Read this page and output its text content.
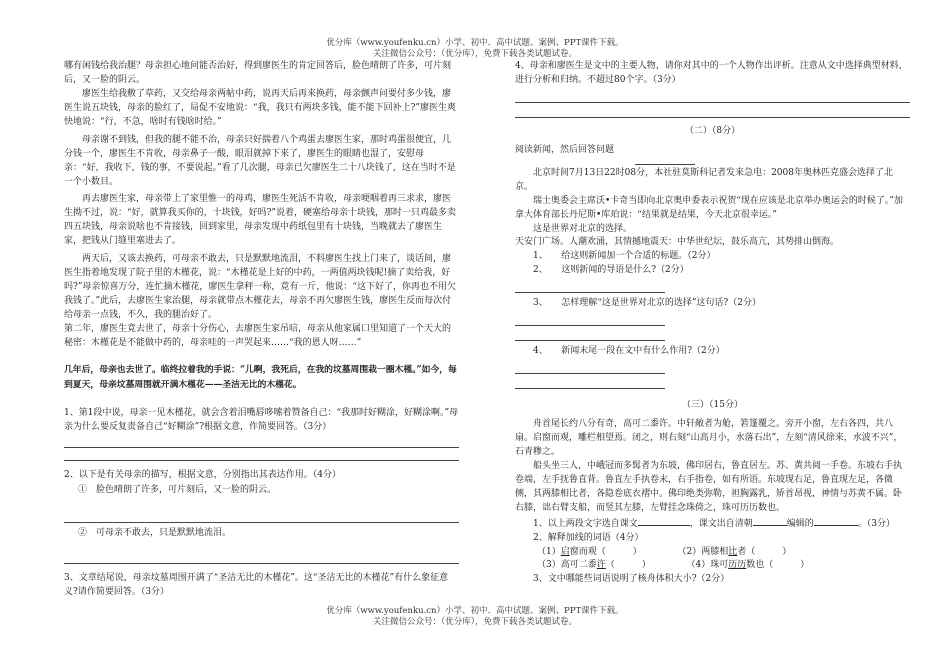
优分库（www.youfenku.cn）小学、初中、高中试题、案例、PPT课件下载。
关注微信公众号：（优分库），免费下载各类试题试卷。

哪有闲钱给我治腿？母亲担心地问能否治好，得到廖医生的肯定回答后，脸色晴朗了许多，可片刻后，又一脸的阴云。

廖医生给我敷了草药，又交给母亲两帖中药，说再天后再来换药，母亲颤声问要付多少钱，廖医生说五块钱，母亲的脸红了，局促不安地说：“我，我只有两块多钱，能不能下回补上?”廖医生爽快地说：“行，不急，啥时有钱啥时给。”

母亲谢不到钱，但我的腿不能不治，母亲只好揣着八个鸡蛋去廖医生家，那时鸡蛋很便宜，几分钱一个，廖医生不肯收，母亲鼻子一酸，眼泪就掉下来了，廖医生的眼睛也湿了，安慰母亲：“好，我收下，钱的事，不要说起。”看了几次腿，母亲已欠廖医生二十八块钱了，这在当时不是一个小数目。

再去廖医生家，母亲带上了家里惟一的母鸡，廖医生死活不肯收，母亲哽咽着再三求求，廖医生拗不过，说：“好，就算我买你的，十块钱，好吗?”说着，硬塞给母亲十块钱，那时一只鸡最多卖四五块钱，母亲说啥也不肯接钱，回到家里，母亲发现中药纸包里有十块钱，当晚就去了廖医生家，把钱从门缝里塞进去了。

两天后，又该去换药，可母亲不敢去，只是默默地流泪，不料廖医生找上门来了，谈话间，廖医生指着地发现了院子里的木槿花，说：“木槿花是上好的中药，一两值两块钱呢!摘了卖给我，好吗?”母亲惊喜万分，连忙摘木槿花，廖医生拿秤一称，竟有一斤，他说：“这下好了，你再也不用欠我钱了。”此后，去廖医生家治腿，母亲就带点木槿花去，母亲不再欠廖医生钱，廖医生反而每次付给母亲一点钱，不久，我的腿治好了。

第二年，廖医生竟去世了，母亲十分伤心，去廖医生家吊唁，母亲从他家属口里知道了一个天大的秘密：木槿花是不能做中药的，母亲哇的一声哭起来……“我的恩人呀……”

几年后，母亲也去世了。临终拉着我的手说：“儿啊，我死后，在我的坟墓周围栽一圈木槿。”如今，每到夏天，母亲坟墓周围就开满木槿花——圣洁无比的木槿花。

1、第1段中说，母亲一见木槿花，就会含着泪嘴唇哆嗦着赞备自己：“我那时好糊涂，好糊涂啊。”母亲为什么要反复责备自己“好糊涂”?根据文意，作简要回答。（3分）

2、以下是有关母亲的描写，根据文意，分别指出其表达作用。（4分）

①　脸色晴朗了许多，可片刻后，又一脸的阴云。

②　可母亲不敢去，只是默默地流泪。

3、文章结尾说，母亲坟墓周围开满了“圣洁无比的木槿花”。这“圣洁无比的木槿花”有什么象征意义?请作简要回答。（3分）

4、母亲和廖医生是文中的主要人物，请你对其中的一个人物作出评析。注意从文中选择典型材料，进行分析和归纳。不超过80个字。（3分）

（二）（8分）

阅读新闻，然后回答问题

北京时间7月13日22时08分，本社驻莫斯科记者发来急电：2008年奥林匹克盛会选择了北京。

瑞士奥委会主席沃•卡奇当即向北京奥申委表示祝贺“现在应该是北京举办奥运会的时候了。”加拿大体育部长丹尼斯•库珀说：“结果就是结果，今天北京很幸运。”

这是世界对北京的选择。

天安门广场。人潮欢涌，其情撼地震天：中华世纪坛，鼓乐高亢，其势排山倒海。

1、　　给这则新闻加一个合适的标题。（2分）

2、　　这则新闻的导语是什么?（2分）

3、　　怎样理解“这是世界对北京的选择”这句话?（2分）

4、　　新闻末尾一段在文中有什么作用?（2分）

（三）（15分）

舟首尾长约八分有奇，高可二黍许。中轩敞者为舱，箬篷覆之。旁开小窗，左右各四，共八扇。启窗而观，雕栏相望焉。闭之，则右刻“山高月小，水落石出”，左刻“清风徐来，水波不兴”，石青糁之。

船头坐三人，中峨冠而多髯者为东坡，佛印居右，鲁直居左。苏、黄共阅一手卷。东坡右手执卷端，左手抚鲁直背。鲁直左手执卷末，右手指卷，如有所语。东坡现右足，鲁直现左足，各微侧，其两膝相比者，各隐卷底衣褶中。佛印绝类弥勒，袒胸露乳，矫首昂视，神情与苏黄不属。卧右膝，诎右臂支船，而竖其左膝，左臂挂念珠倚之，珠可历历数也。

1、以上两段文字选自课文	，课文出自清朝	编辑的	。（3分）

2、解释加线的词语（4分）

（1）启窗而观（　　　）	（2）两膝相比者（　　　）

（3）高可二黍许（　　　）	（4）珠可历历数也（　　　）

3、文中哪能些词语说明了核舟体积大小?（2分）

优分库（www.youfenku.cn）小学、初中、高中试题、案例、PPT课件下载。
关注微信公众号：（优分库），免费下载各类试题试卷。
